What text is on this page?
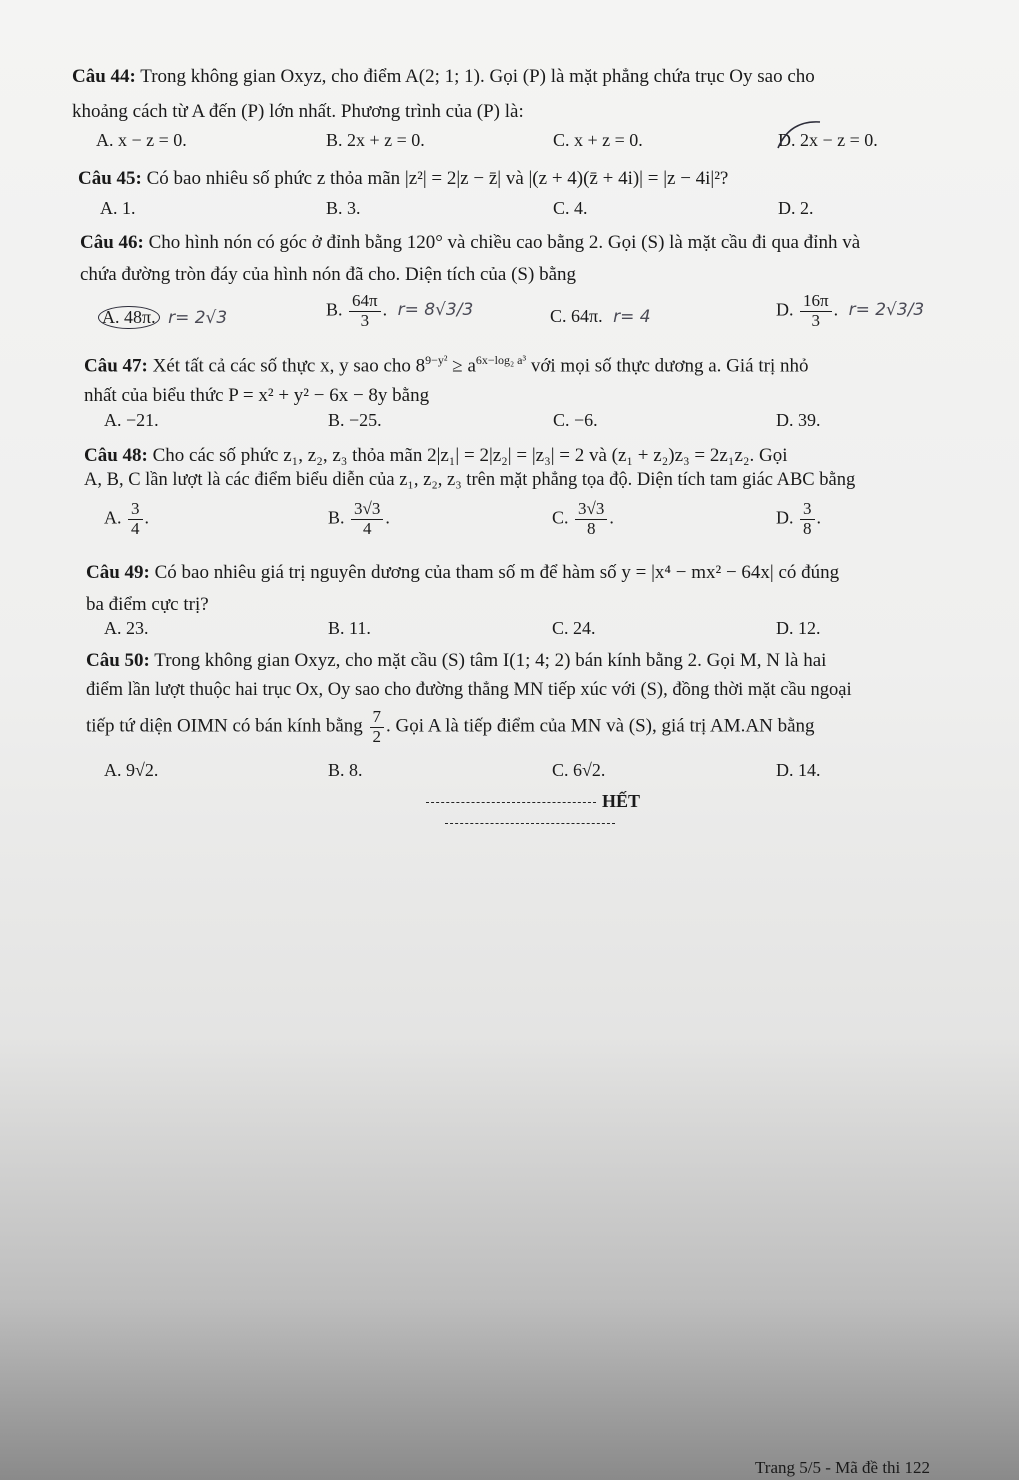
Câu 44: Trong không gian Oxyz, cho điểm A(2; 1; 1). Gọi (P) là mặt phẳng chứa trục Oy sao cho
khoảng cách từ A đến (P) lớn nhất. Phương trình của (P) là:
A. x − z = 0.	B. 2x + z = 0.	C. x + z = 0.	D. 2x − z = 0.
Câu 45: Có bao nhiêu số phức z thỏa mãn |z²| = 2|z − z̄| và |(z + 4)(z̄ + 4i)| = |z − 4i|²?
A. 1.	B. 3.	C. 4.	D. 2.
Câu 46: Cho hình nón có góc ở đỉnh bằng 120° và chiều cao bằng 2. Gọi (S) là mặt cầu đi qua đỉnh và
chứa đường tròn đáy của hình nón đã cho. Diện tích của (S) bằng
A. 48π. r= 2√3	B. $\frac{64\pi}{3}$ . r= 8√3/3	C. 64π. r= 4	D. $\frac{16\pi}{3}$ . r= 2√3/3
Câu 47: Xét tất cả các số thực x, y sao cho $8^{9-y^2} \ge a^{6x-log_2 a^3}$ với mọi số thực dương a. Giá trị nhỏ
nhất của biểu thức P = x² + y² − 6x − 8y bằng
A. −21.	B. −25.	C. −6.	D. 39.
Câu 48: Cho các số phức z₁, z₂, z₃ thỏa mãn 2|z₁| = 2|z₂| = |z₃| = 2 và (z₁ + z₂)z₃ = 2z₁z₂. Gọi
A, B, C lần lượt là các điểm biểu diễn của z₁, z₂, z₃ trên mặt phẳng tọa độ. Diện tích tam giác ABC bằng
A. $\frac{3}{4}$ .	B. $\frac{3√3}{4}$ .	C. $\frac{3√3}{8}$ .	D. $\frac{3}{8}$ .
Câu 49: Có bao nhiêu giá trị nguyên dương của tham số m để hàm số y = |x⁴ − mx² − 64x| có đúng
ba điểm cực trị?
A. 23.	B. 11.	C. 24.	D. 12.
Câu 50: Trong không gian Oxyz, cho mặt cầu (S) tâm I(1; 4; 2) bán kính bằng 2. Gọi M, N là hai
điểm lần lượt thuộc hai trục Ox, Oy sao cho đường thẳng MN tiếp xúc với (S), đồng thời mặt cầu ngoại
tiếp tứ diện OIMN có bán kính bằng $\frac{7}{2}$ . Gọi A là tiếp điểm của MN và (S), giá trị AM.AN bằng
A. 9√2.	B. 8.	C. 6√2.	D. 14.
HẾT
Trang 5/5 - Mã đề thi 122
